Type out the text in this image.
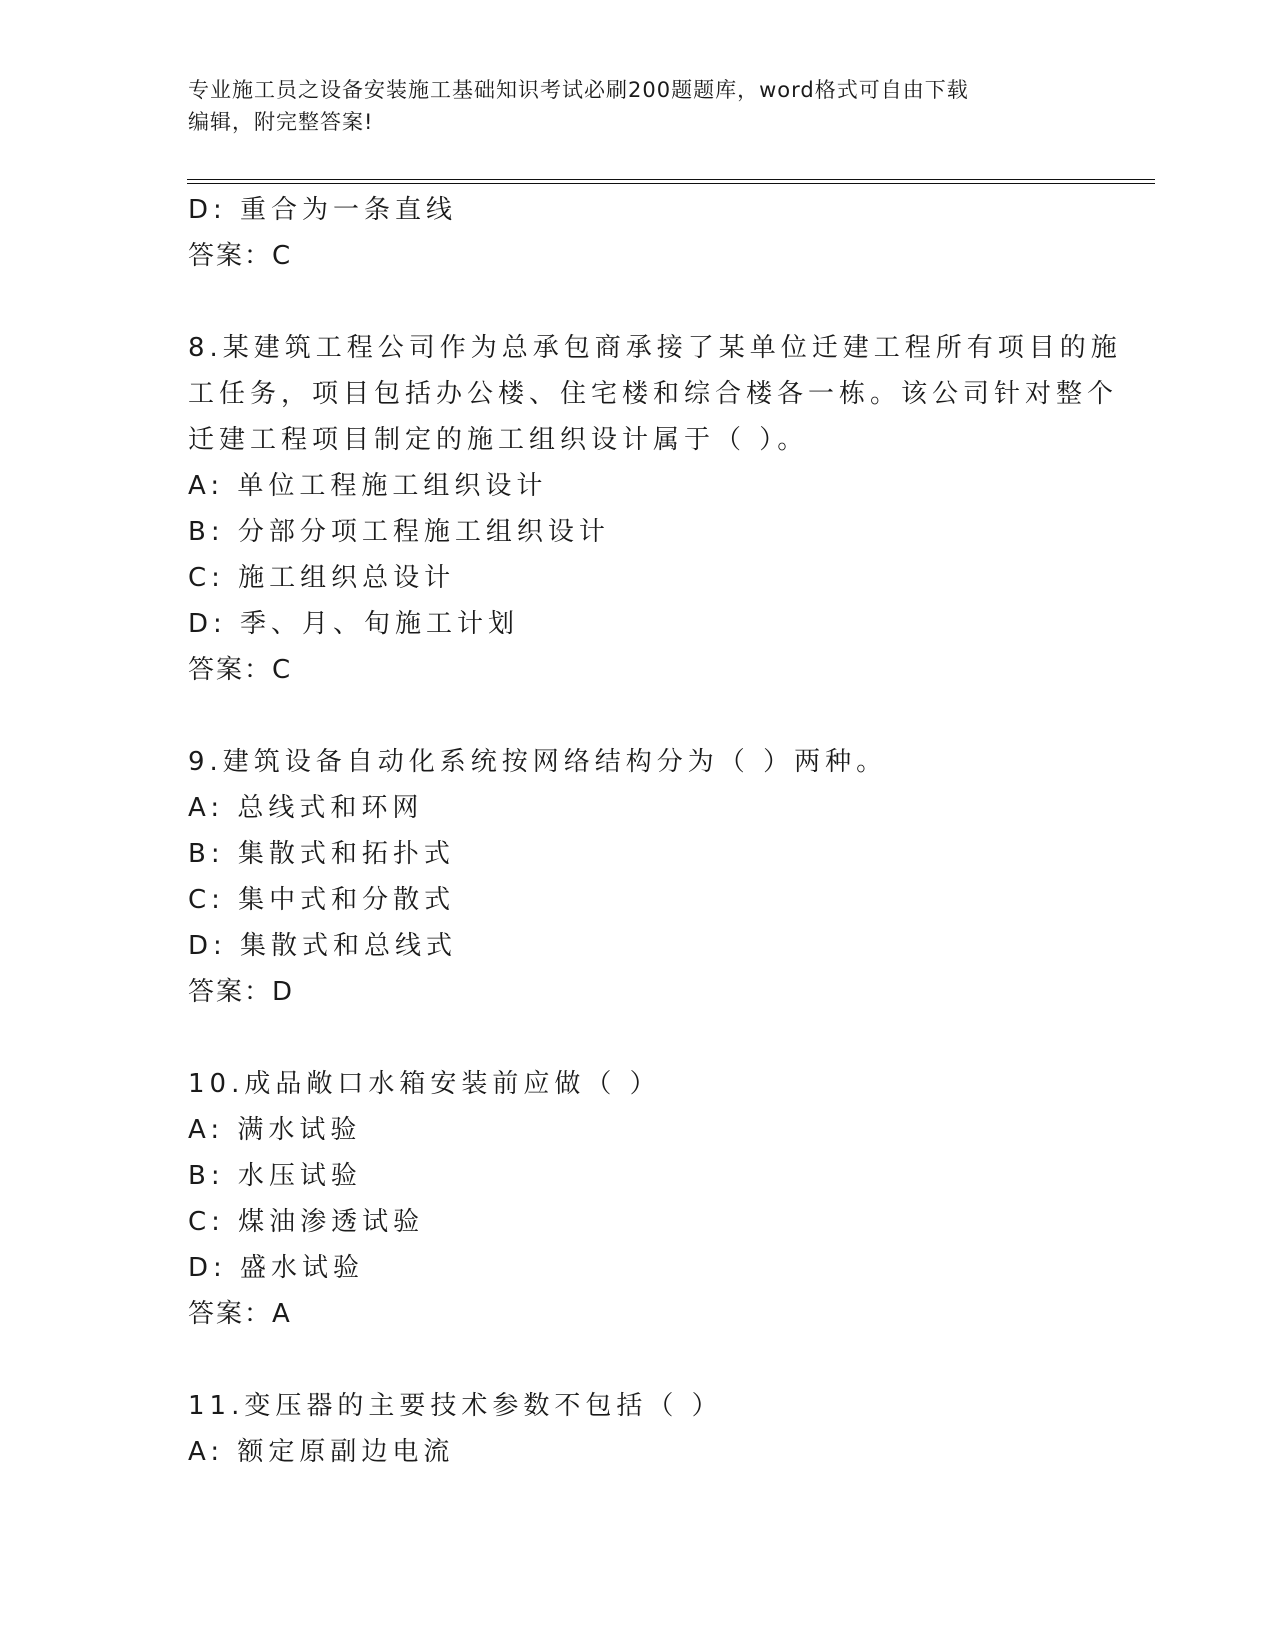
专业施工员之设备安装施工基础知识考试必刷200题题库，word格式可自由下载
编辑，附完整答案!
D: 重合为一条直线
答案：C
8.某建筑工程公司作为总承包商承接了某单位迁建工程所有项目的施
工任务，项目包括办公楼、住宅楼和综合楼各一栋。该公司针对整个
迁建工程项目制定的施工组织设计属于（ ）。
A: 单位工程施工组织设计
B: 分部分项工程施工组织设计
C: 施工组织总设计
D: 季、月、旬施工计划
答案：C
9.建筑设备自动化系统按网络结构分为（ ）两种。
A: 总线式和环网
B: 集散式和拓扑式
C: 集中式和分散式
D: 集散式和总线式
答案：D
10.成品敞口水箱安装前应做（ ）
A: 满水试验
B: 水压试验
C: 煤油渗透试验
D: 盛水试验
答案：A
11.变压器的主要技术参数不包括（ ）
A: 额定原副边电流
